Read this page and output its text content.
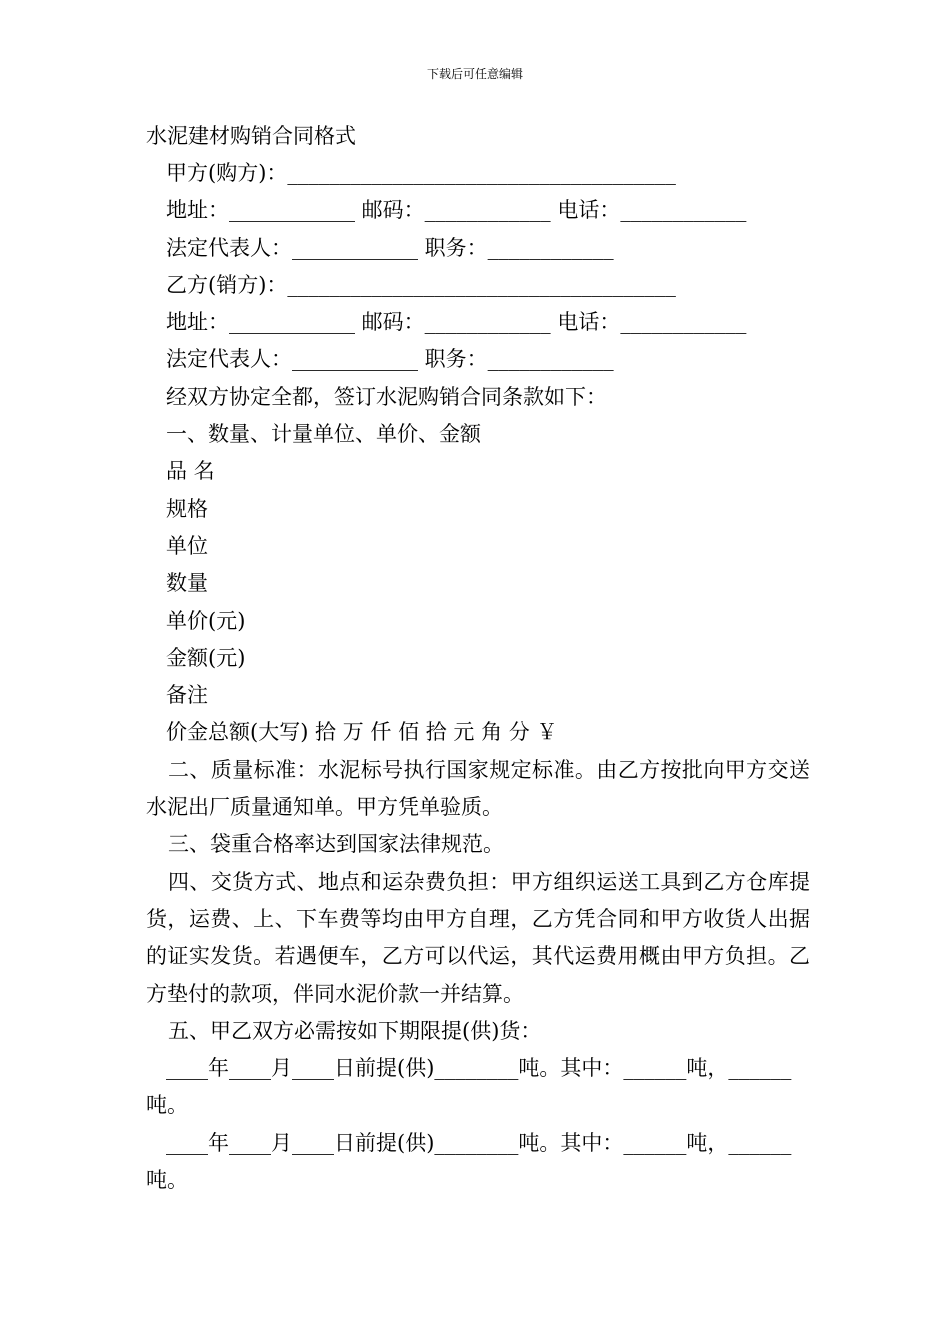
下载后可任意编辑
水泥建材购销合同格式
甲方(购方)：_____________________________________
地址：____________ 邮码：____________ 电话：____________
法定代表人：____________ 职务：____________
乙方(销方)：_____________________________________
地址：____________ 邮码：____________ 电话：____________
法定代表人：____________ 职务：____________
经双方协定全都，签订水泥购销合同条款如下：
一、数量、计量单位、单价、金额
品 名
规格
单位
数量
单价(元)
金额(元)
备注
价金总额(大写) 拾 万 仟 佰 拾 元 角 分 ￥
二、质量标准：水泥标号执行国家规定标准。由乙方按批向甲方交送水泥出厂质量通知单。甲方凭单验质。
三、袋重合格率达到国家法律规范。
四、交货方式、地点和运杂费负担：甲方组织运送工具到乙方仓库提货，运费、上、下车费等均由甲方自理，乙方凭合同和甲方收货人出据的证实发货。若遇便车，乙方可以代运，其代运费用概由甲方负担。乙方垫付的款项，伴同水泥价款一并结算。
五、甲乙双方必需按如下期限提(供)货：
____年____月____日前提(供)________吨。其中：______吨，______吨。
____年____月____日前提(供)________吨。其中：______吨，______吨。
